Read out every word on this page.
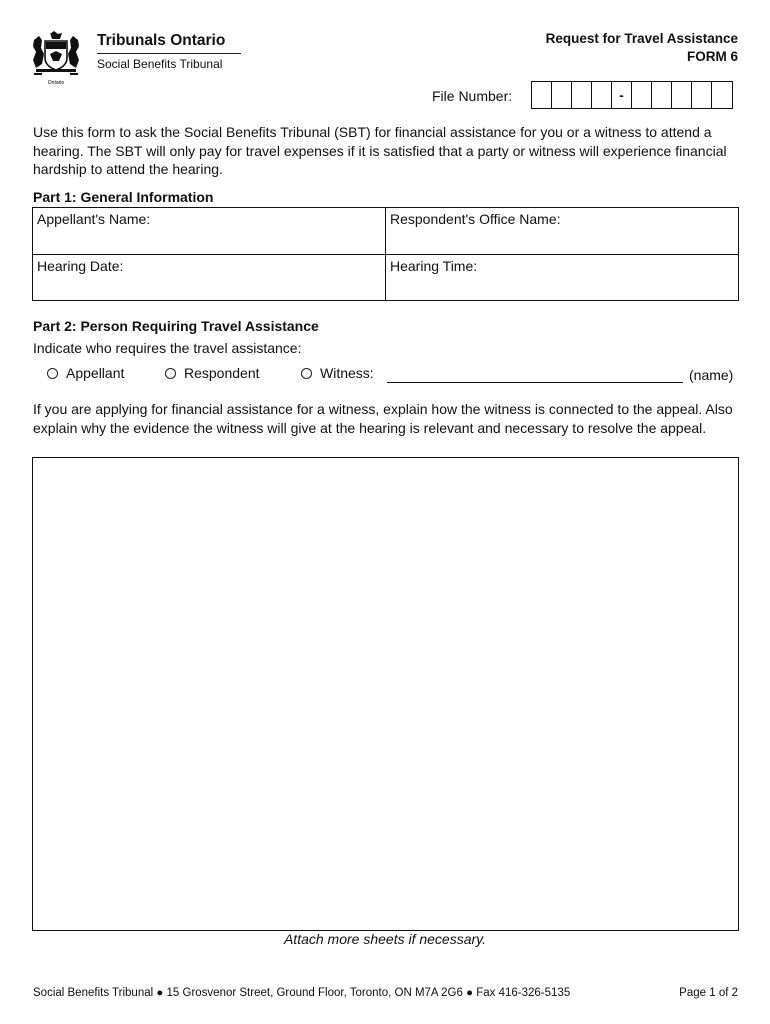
Ontario
Tribunals Ontario
Social Benefits Tribunal
Request for Travel Assistance
FORM 6
File Number:	-
Use this form to ask the Social Benefits Tribunal (SBT) for financial assistance for you or a witness to attend a hearing. The SBT will only pay for travel expenses if it is satisfied that a party or witness will experience financial hardship to attend the hearing.
Part 1: General Information
Appellant's Name:	Respondent's Office Name:
Hearing Date:	Hearing Time:
Part 2: Person Requiring Travel Assistance
Indicate who requires the travel assistance:
Appellant	Respondent	Witness:	(name)
If you are applying for financial assistance for a witness, explain how the witness is connected to the appeal. Also explain why the evidence the witness will give at the hearing is relevant and necessary to resolve the appeal.
Attach more sheets if necessary.
Social Benefits Tribunal ● 15 Grosvenor Street, Ground Floor, Toronto, ON M7A 2G6 ● Fax 416-326-5135	Page 1 of 2
